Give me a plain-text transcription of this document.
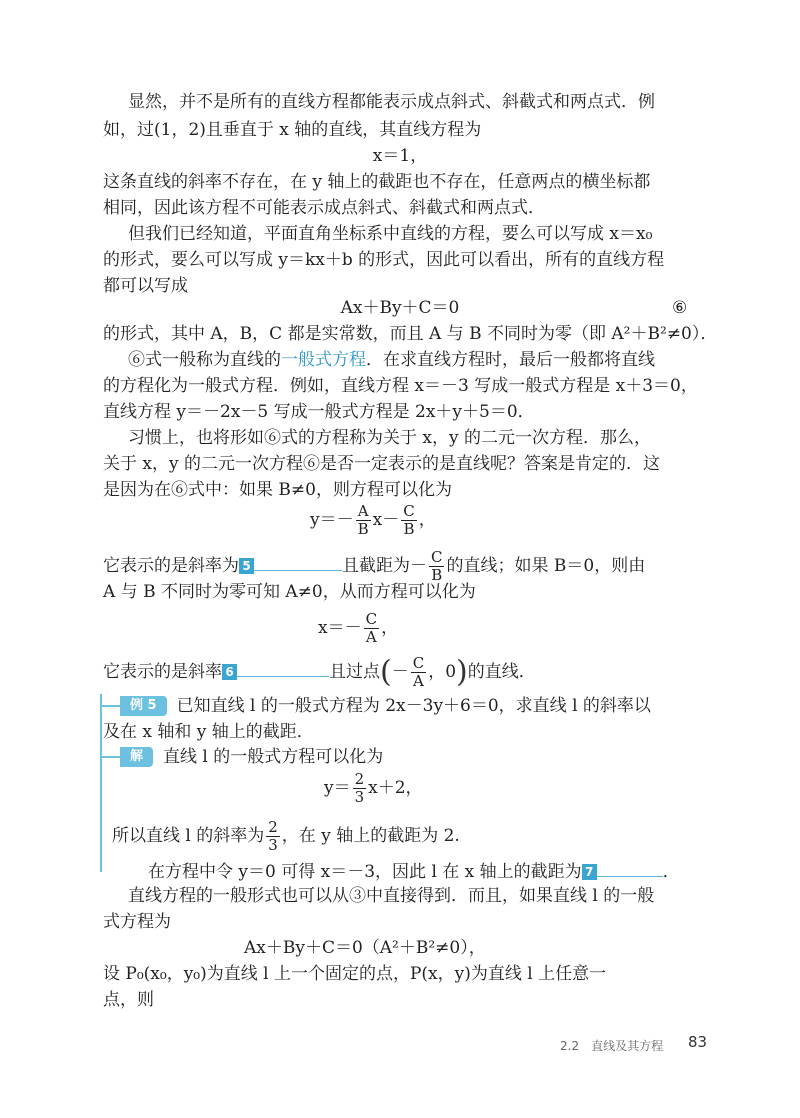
显然，并不是所有的直线方程都能表示成点斜式、斜截式和两点式．例
如，过(1，2)且垂直于 x 轴的直线，其直线方程为
x＝1，
这条直线的斜率不存在，在 y 轴上的截距也不存在，任意两点的横坐标都
相同，因此该方程不可能表示成点斜式、斜截式和两点式．
但我们已经知道，平面直角坐标系中直线的方程，要么可以写成 x＝x₀
的形式，要么可以写成 y＝kx＋b 的形式，因此可以看出，所有的直线方程
都可以写成
Ax＋By＋C＝0	⑥
的形式，其中 A，B，C 都是实常数，而且 A 与 B 不同时为零（即 A²＋B²≠0）．
⑥式一般称为直线的一般式方程．在求直线方程时，最后一般都将直线
的方程化为一般式方程．例如，直线方程 x＝－3 写成一般式方程是 x＋3＝0，
直线方程 y＝－2x－5 写成一般式方程是 2x＋y＋5＝0．
习惯上，也将形如⑥式的方程称为关于 x，y 的二元一次方程．那么，
关于 x，y 的二元一次方程⑥是否一定表示的是直线呢？答案是肯定的．这
是因为在⑥式中：如果 B≠0，则方程可以化为
$y=- \frac{A}{B} x- \frac{C}{B}$ ，
它表示的是斜率为 5	且截距为－ $\frac{C}{B}$ 的直线；如果 B＝0，则由
A 与 B 不同时为零可知 A≠0，从而方程可以化为
$x=- \frac{C}{A}$ ，
它表示的是斜率 6	且过点(－ $\frac{C}{A}$ ，0)的直线．
例 5 已知直线 l 的一般式方程为 2x－3y＋6＝0，求直线 l 的斜率以
及在 x 轴和 y 轴上的截距．
解 直线 l 的一般式方程可以化为
$y= \frac{2}{3} x+2$，
所以直线 l 的斜率为 $\frac{2}{3}$ ，在 y 轴上的截距为 2.
在方程中令 y＝0 可得 x＝－3，因此 l 在 x 轴上的截距为 7	．
直线方程的一般形式也可以从③中直接得到．而且，如果直线 l 的一般
式方程为
Ax＋By＋C＝0（A²＋B²≠0），
设 P₀(x₀，y₀)为直线 l 上一个固定的点，P(x，y)为直线 l 上任意一
点，则
2.2　直线及其方程 83
